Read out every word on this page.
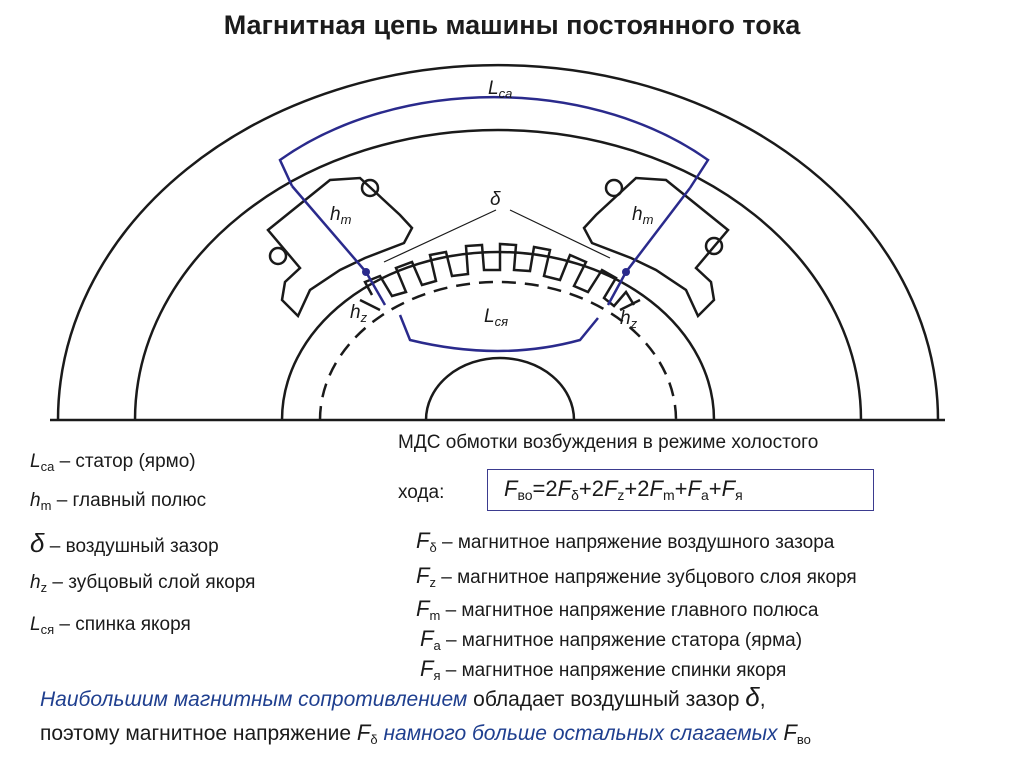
Магнитная цепь машины постоянного тока
$L_{ca}$
$h_m$	$h_m$
δ
$h_z$	$h_z$
$L_{ся}$
$L_{ca}$ – статор (ярмо)
$h_m$ – главный полюс
δ – воздушный зазор
$h_z$ – зубцовый слой якоря
$L_{ся}$ – спинка якоря
МДС обмотки возбуждения в режиме холостого
хода:	Fво=2Fδ+2Fz+2Fm+Fa+Fя
$F_\delta$ – магнитное напряжение воздушного зазора
$F_z$ – магнитное напряжение зубцового слоя якоря
$F_m$ – магнитное напряжение главного полюса
$F_a$ – магнитное напряжение статора (ярма)
$F_я$ – магнитное напряжение спинки якоря
Наибольшим магнитным сопротивлением обладает воздушный зазор δ,
поэтому магнитное напряжение $F_\delta$ намного больше остальных слагаемых $F_{во}$
